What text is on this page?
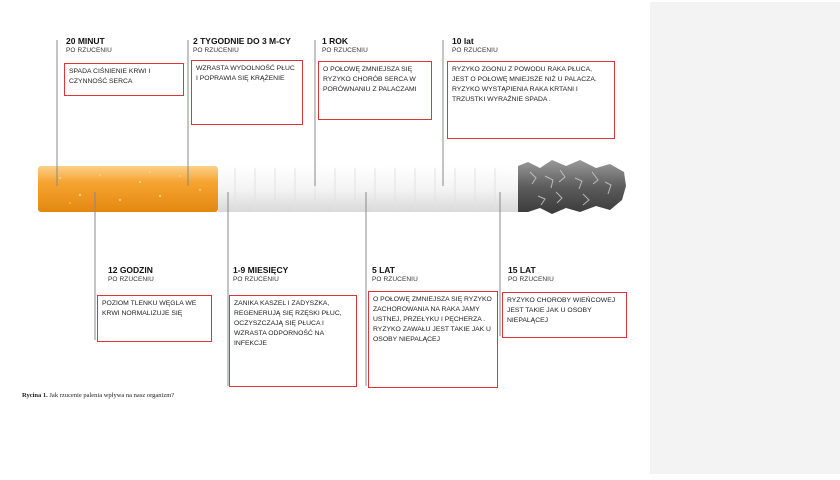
20 MINUT
PO RZUCENIU
SPADA CIŚNIENIE KRWI I CZYNNOŚĆ SERCA
2 TYGODNIE DO 3 M-CY
PO RZUCENIU
WZRASTA WYDOLNOŚĆ PŁUC I POPRAWIA SIĘ KRĄŻENIE
1 ROK
PO RZUCENIU
O POŁOWĘ ZMNIEJSZA SIĘ RYZYKO CHORÓB SERCA W PORÓWNANIU Z PALACZAMI
10 lat
PO RZUCENIU
RYZYKO ZGONU Z POWODU RAKA PŁUCA, JEST O POŁOWĘ MNIEJSZE NIŻ U PALACZA. RYZYKO WYSTĄPIENIA RAKA KRTANI I TRZUSTKI WYRAŹNIE SPADA .
12 GODZIN
PO RZUCENIU
POZIOM TLENKU WĘGLA WE KRWI NORMALIZUJE SIĘ
1-9 MIESIĘCY
PO RZUCENIU
ZANIKA KASZEL I ZADYSZKA, REGENERUJĄ SIĘ RZĘSKI PŁUC, OCZYSZCZAJĄ SIĘ PŁUCA I WZRASTA ODPORNOŚĆ NA INFEKCJE
5 LAT
PO RZUCENIU
O POŁOWĘ ZMNIEJSZA SIĘ RYZYKO ZACHOROWANIA NA RAKA JAMY USTNEJ, PRZEŁYKU I PĘCHERZA . RYZYKO ZAWAŁU JEST TAKIE JAK U OSOBY NIEPALĄCEJ
15 LAT
PO RZUCENIU
RYZYKO CHOROBY WIEŃCOWEJ JEST TAKIE JAK U OSOBY NIEPALĄCEJ
Rycina 1. Jak rzucenie palenia wpływa na nasz organizm?
